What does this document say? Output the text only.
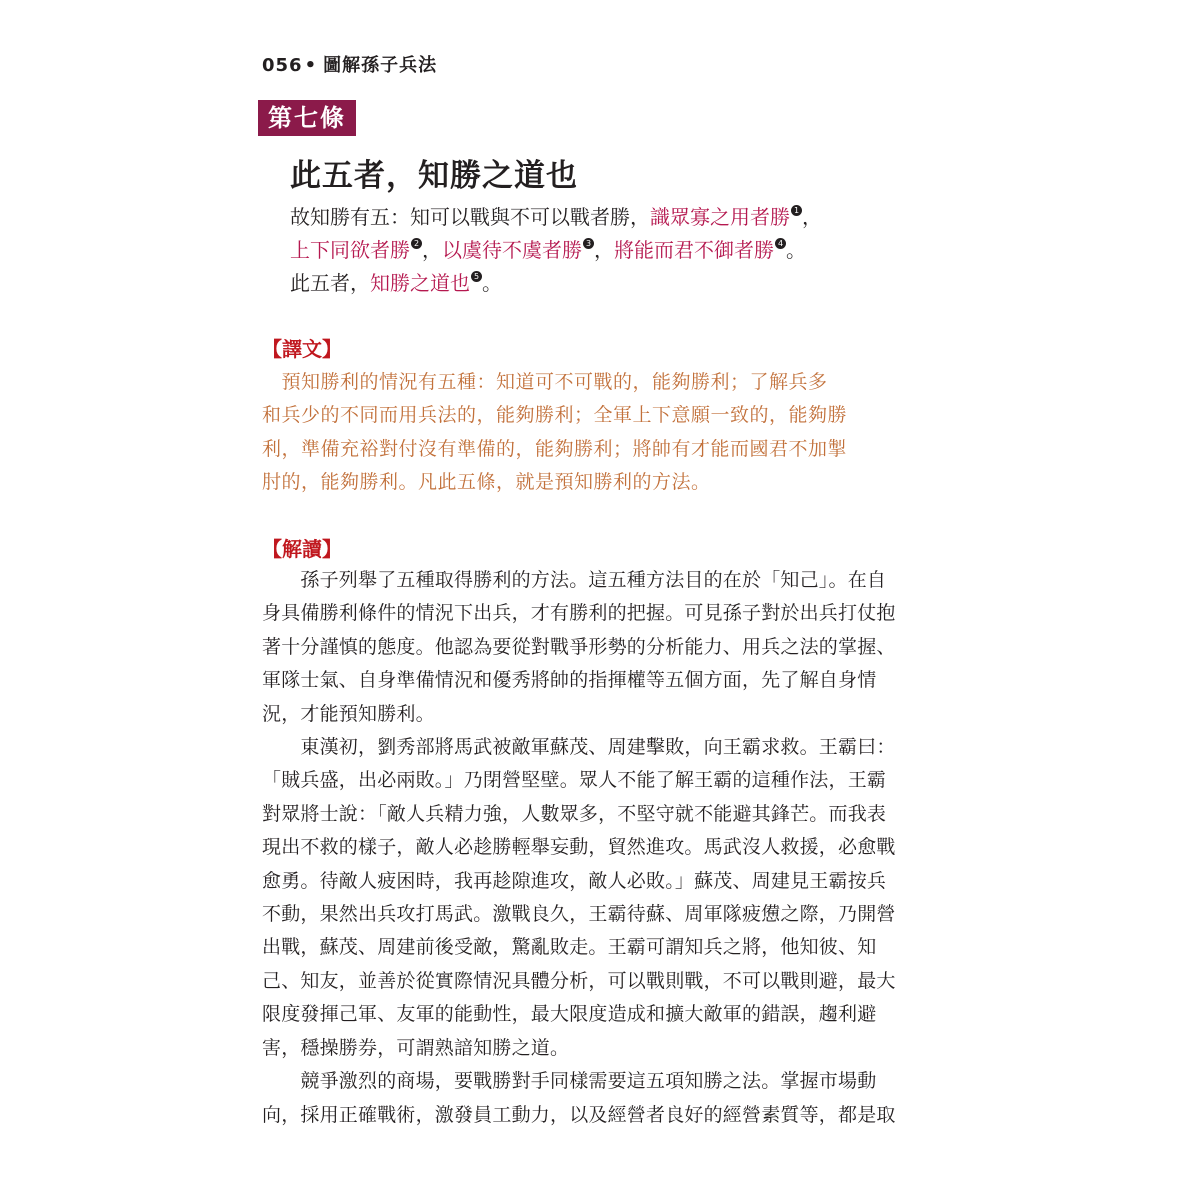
056 • 圖解孫子兵法
第七條
此五者，知勝之道也
故知勝有五：知可以戰與不可以戰者勝，識眾寡之用者勝 1 ，
上下同欲者勝 2 ，以虞待不虞者勝 3 ，將能而君不御者勝 4 。
此五者，知勝之道也 5 。
【譯文】
　預知勝利的情況有五種：知道可不可戰的，能夠勝利；了解兵多
和兵少的不同而用兵法的，能夠勝利；全軍上下意願一致的，能夠勝
利，準備充裕對付沒有準備的，能夠勝利；將帥有才能而國君不加掣
肘的，能夠勝利。凡此五條，就是預知勝利的方法。
【解讀】
　　孫子列舉了五種取得勝利的方法。這五種方法目的在於「知己」。在自
身具備勝利條件的情況下出兵，才有勝利的把握。可見孫子對於出兵打仗抱
著十分謹慎的態度。他認為要從對戰爭形勢的分析能力、用兵之法的掌握、
軍隊士氣、自身準備情況和優秀將帥的指揮權等五個方面，先了解自身情
況，才能預知勝利。
　　東漢初，劉秀部將馬武被敵軍蘇茂、周建擊敗，向王霸求救。王霸曰：
「賊兵盛，出必兩敗。」乃閉營堅壁。眾人不能了解王霸的這種作法，王霸
對眾將士說：「敵人兵精力強，人數眾多，不堅守就不能避其鋒芒。而我表
現出不救的樣子，敵人必趁勝輕舉妄動，貿然進攻。馬武沒人救援，必愈戰
愈勇。待敵人疲困時，我再趁隙進攻，敵人必敗。」蘇茂、周建見王霸按兵
不動，果然出兵攻打馬武。激戰良久，王霸待蘇、周軍隊疲憊之際，乃開營
出戰，蘇茂、周建前後受敵，驚亂敗走。王霸可謂知兵之將，他知彼、知
己、知友，並善於從實際情況具體分析，可以戰則戰，不可以戰則避，最大
限度發揮己軍、友軍的能動性，最大限度造成和擴大敵軍的錯誤，趨利避
害，穩操勝券，可謂熟諳知勝之道。
　　競爭激烈的商場，要戰勝對手同樣需要這五項知勝之法。掌握市場動
向，採用正確戰術，激發員工動力，以及經營者良好的經營素質等，都是取
